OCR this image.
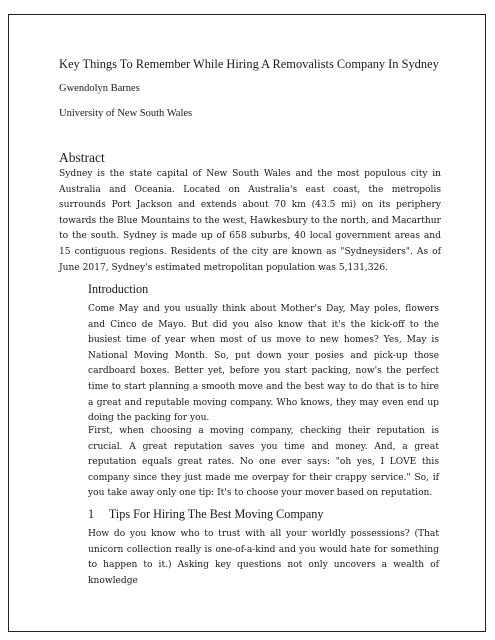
Key Things To Remember While Hiring A Removalists Company In Sydney
Gwendolyn Barnes
University of New South Wales
Abstract
Sydney is the state capital of New South Wales and the most populous city in Australia and Oceania. Located on Australia's east coast, the metropolis surrounds Port Jackson and extends about 70 km (43.5 mi) on its periphery towards the Blue Mountains to the west, Hawkesbury to the north, and Macarthur to the south. Sydney is made up of 658 suburbs, 40 local government areas and 15 contiguous regions. Residents of the city are known as "Sydneysiders". As of June 2017, Sydney's estimated metropolitan population was 5,131,326.
Introduction
Come May and you usually think about Mother's Day, May poles, flowers and Cinco de Mayo. But did you also know that it's the kick-off to the busiest time of year when most of us move to new homes? Yes, May is National Moving Month. So, put down your posies and pick-up those cardboard boxes. Better yet, before you start packing, now's the perfect time to start planning a smooth move and the best way to do that is to hire a great and reputable moving company. Who knows, they may even end up doing the packing for you.
First, when choosing a moving company, checking their reputation is crucial. A great reputation saves you time and money. And, a great reputation equals great rates. No one ever says: "oh yes, I LOVE this company since they just made me overpay for their crappy service." So, if you take away only one tip: It's to choose your mover based on reputation.
1 Tips For Hiring The Best Moving Company
How do you know who to trust with all your worldly possessions? (That unicorn collection really is one-of-a-kind and you would hate for something to happen to it.) Asking key questions not only uncovers a wealth of knowledge
